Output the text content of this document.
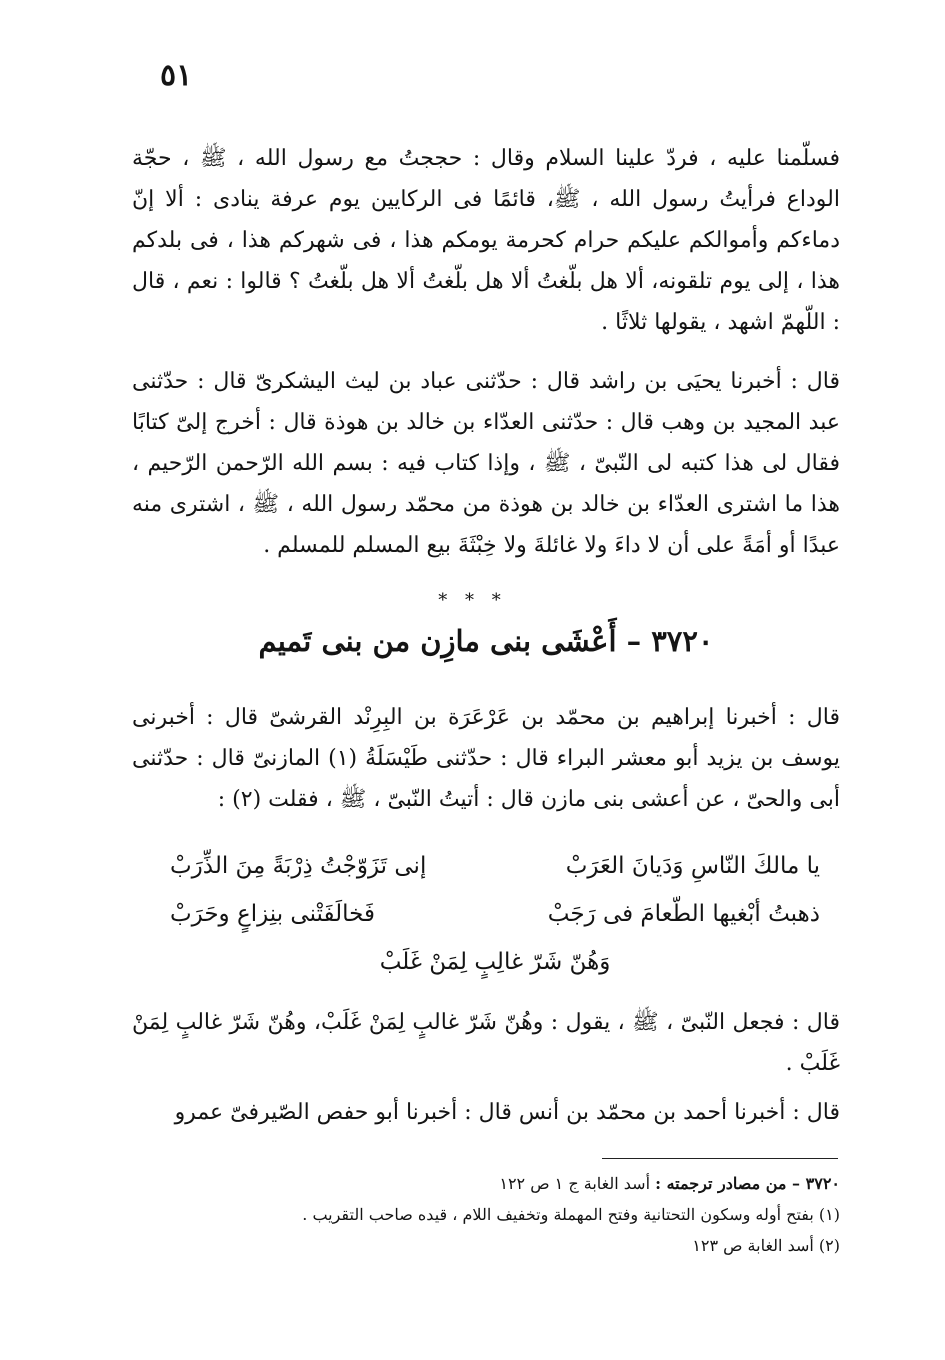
٥١
فسلّمنا عليه ، فردّ علينا السلام وقال : حججتُ مع رسول الله ، ﷺ ، حجّة الوداع فرأيتُ رسول الله ، ﷺ، قائمًا فى الركايين يوم عرفة ينادى : ألا إنّ دماءكم وأموالكم عليكم حرام كحرمة يومكم هذا ، فى شهركم هذا ، فى بلدكم هذا ، إلى يوم تلقونه، ألا هل بلّغتُ ألا هل بلّغتُ ألا هل بلّغتُ ؟ قالوا : نعم ، قال : اللّهمّ اشهد ، يقولها ثلاثًا .
قال : أخبرنا يحيَى بن راشد قال : حدّثنى عباد بن ليث اليشكرىّ قال : حدّثنى عبد المجيد بن وهب قال : حدّثنى العدّاء بن خالد بن هوذة قال : أخرج إلىّ كتابًا فقال لى هذا كتبه لى النّبىّ ، ﷺ ، وإذا كتاب فيه : بسم الله الرّحمن الرّحيم ، هذا ما اشترى العدّاء بن خالد بن هوذة من محمّد رسول الله ، ﷺ ، اشترى منه عبدًا أو أمَةً على أن لا داءَ ولا غائلةَ ولا خِبْثَةَ بيع المسلم للمسلم .
* * *
٣٧٢٠ – أَعْشَى بنى مازِن من بنى تَميم
قال : أخبرنا إبراهيم بن محمّد بن عَرْعَرَة بن البِرِنْد القرشىّ قال : أخبرنى يوسف بن يزيد أبو معشر البراء قال : حدّثنى طَيْسَلَةُ (١) المازنىّ قال : حدّثنى أبى والحىّ ، عن أعشى بنى مازن قال : أتيتُ النّبىّ ، ﷺ ، فقلت (٢) :
يا مالكَ النّاسِ وَدَيانَ العَرَبْ
إنى تَزَوّجْتُ ذِرْبَةً مِنَ الذِّرَبْ
ذهبتُ أبْغيها الطّعامَ فى رَجَبْ
فَخالَفَتْنى بنِزاعٍ وحَرَبْ
وَهُنّ شَرّ غالِبٍ لِمَنْ غَلَبْ
قال : فجعل النّبىّ ، ﷺ ، يقول : وهُنّ شَرّ غالبٍ لِمَنْ غَلَبْ، وهُنّ شَرّ غالبٍ لِمَنْ غَلَبْ .
قال : أخبرنا أحمد بن محمّد بن أنس قال : أخبرنا أبو حفص الصّيرفىّ عمرو
٣٧٢٠ – من مصادر ترجمته : أسد الغابة ج ١ ص ١٢٢
(١) بفتح أوله وسكون التحتانية وفتح المهملة وتخفيف اللام ، قيده صاحب التقريب .
(٢) أسد الغابة ص ١٢٣
